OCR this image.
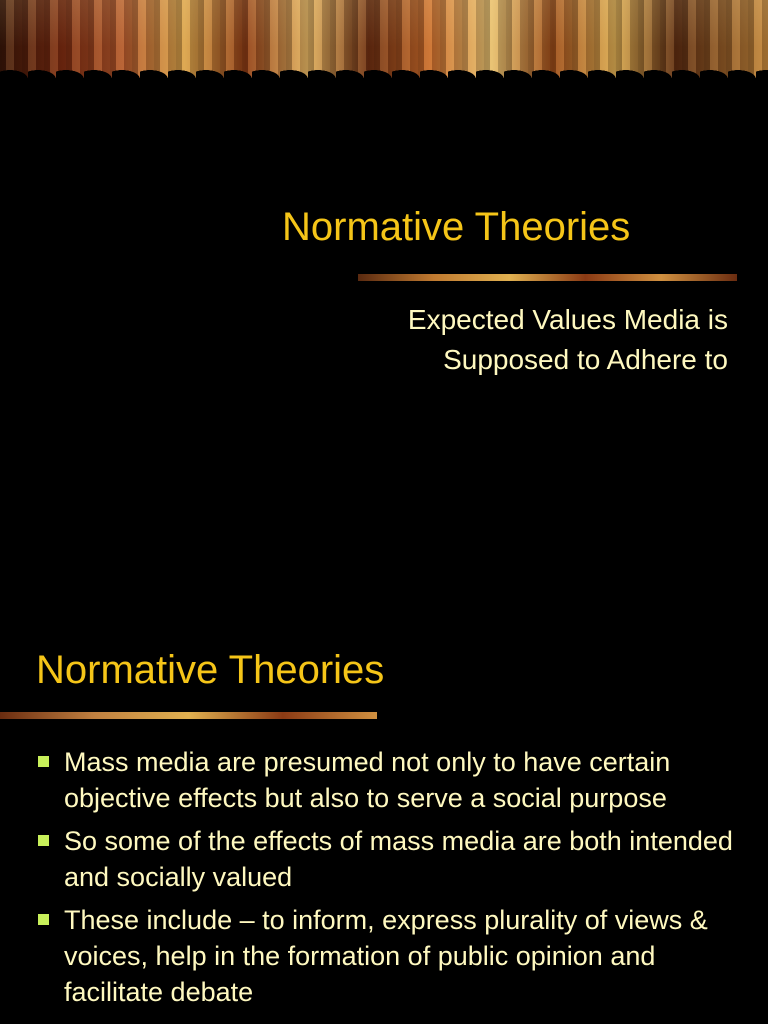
Normative Theories
Expected Values Media is
Supposed to Adhere to
Normative Theories
Mass media are presumed not only to have certain objective effects but also to serve a social purpose
So some of the effects of mass media are both intended and socially valued
These include – to inform, express plurality of views & voices, help in the formation of public opinion and facilitate debate
